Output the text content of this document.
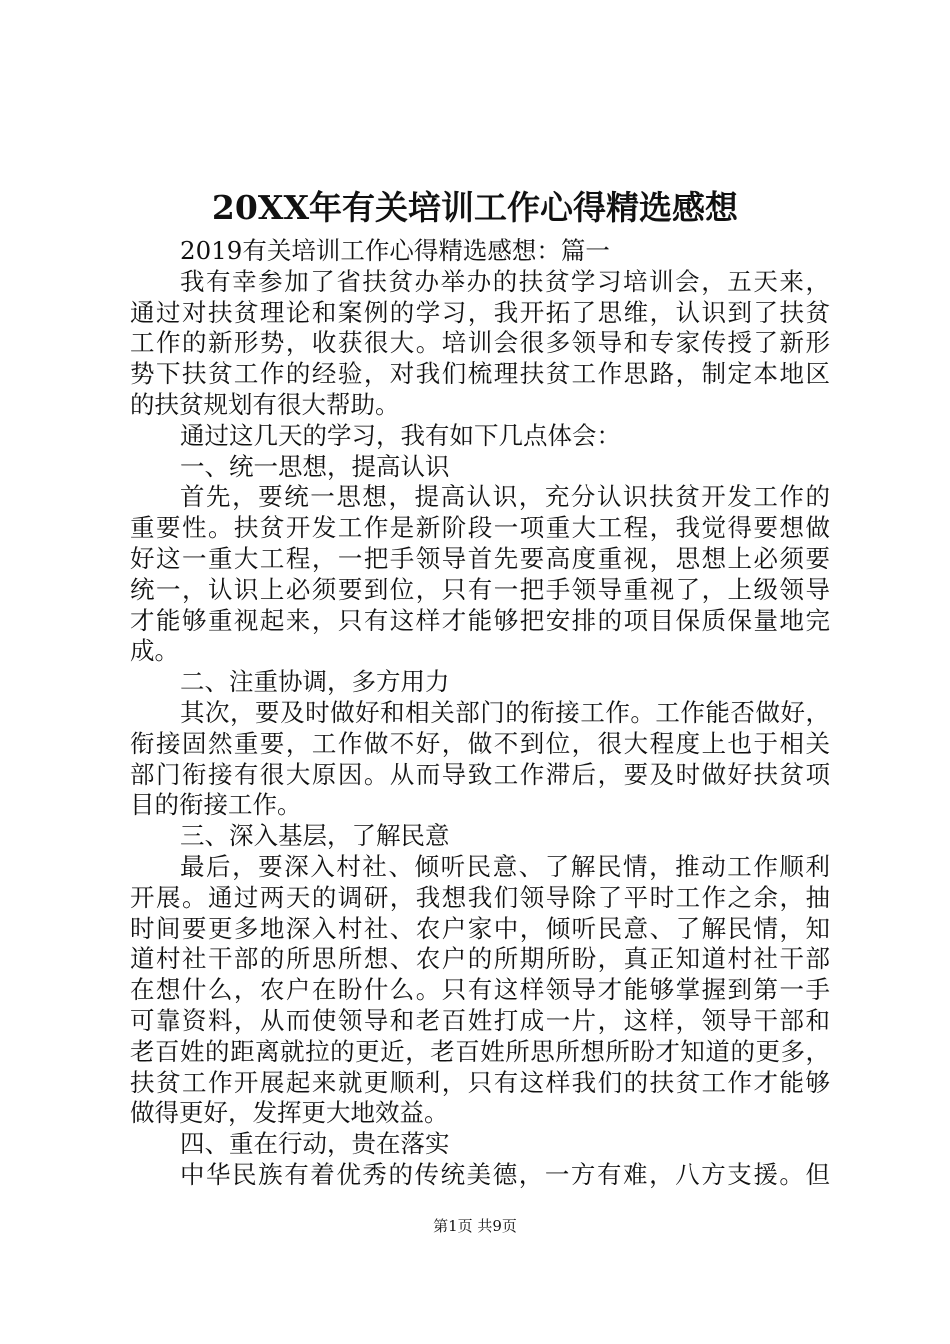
20XX年有关培训工作心得精选感想
2019有关培训工作心得精选感想：篇一
我有幸参加了省扶贫办举办的扶贫学习培训会，五天来，
通过对扶贫理论和案例的学习，我开拓了思维，认识到了扶贫
工作的新形势，收获很大。培训会很多领导和专家传授了新形
势下扶贫工作的经验，对我们梳理扶贫工作思路，制定本地区
的扶贫规划有很大帮助。
通过这几天的学习，我有如下几点体会：
一、统一思想，提高认识
首先，要统一思想，提高认识，充分认识扶贫开发工作的
重要性。扶贫开发工作是新阶段一项重大工程，我觉得要想做
好这一重大工程，一把手领导首先要高度重视，思想上必须要
统一，认识上必须要到位，只有一把手领导重视了，上级领导
才能够重视起来，只有这样才能够把安排的项目保质保量地完
成。
二、注重协调，多方用力
其次，要及时做好和相关部门的衔接工作。工作能否做好，
衔接固然重要，工作做不好，做不到位，很大程度上也于相关
部门衔接有很大原因。从而导致工作滞后，要及时做好扶贫项
目的衔接工作。
三、深入基层，了解民意
最后，要深入村社、倾听民意、了解民情，推动工作顺利
开展。通过两天的调研，我想我们领导除了平时工作之余，抽
时间要更多地深入村社、农户家中，倾听民意、了解民情，知
道村社干部的所思所想、农户的所期所盼，真正知道村社干部
在想什么，农户在盼什么。只有这样领导才能够掌握到第一手
可靠资料，从而使领导和老百姓打成一片，这样，领导干部和
老百姓的距离就拉的更近，老百姓所思所想所盼才知道的更多，
扶贫工作开展起来就更顺利，只有这样我们的扶贫工作才能够
做得更好，发挥更大地效益。
四、重在行动，贵在落实
中华民族有着优秀的传统美德，一方有难，八方支援。但
第1页 共9页
